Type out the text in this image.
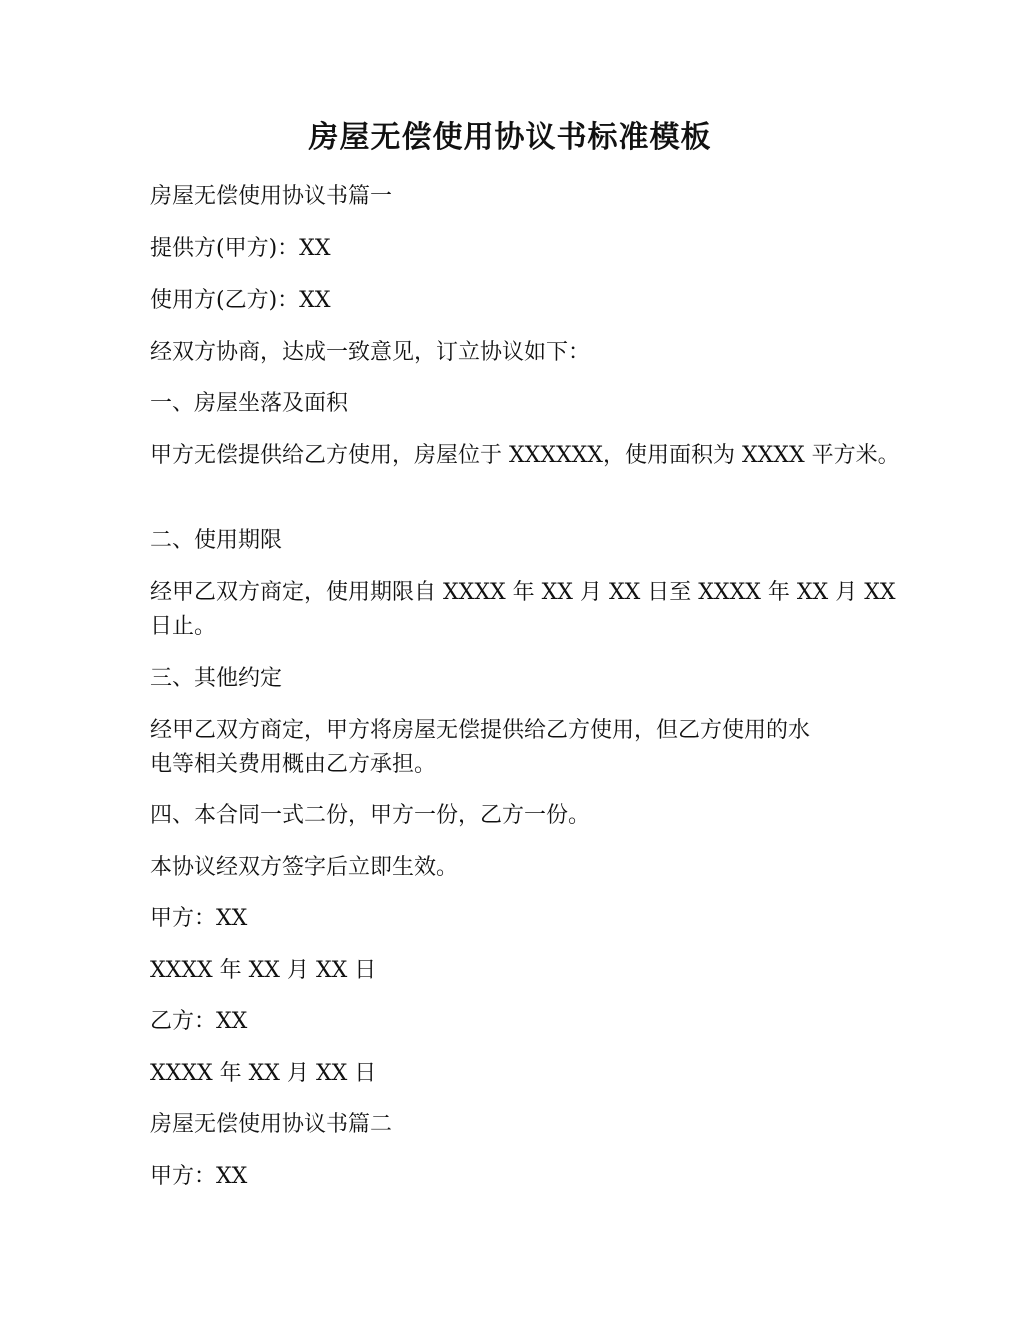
房屋无偿使用协议书标准模板
房屋无偿使用协议书篇一
提供方(甲方)：XX
使用方(乙方)：XX
经双方协商，达成一致意见，订立协议如下：
一、房屋坐落及面积
甲方无偿提供给乙方使用，房屋位于 XXXXXX，使用面积为 XXXX 平方米。
二、使用期限
经甲乙双方商定，使用期限自 XXXX 年 XX 月 XX 日至 XXXX 年 XX 月 XX
日止。
三、其他约定
经甲乙双方商定，甲方将房屋无偿提供给乙方使用，但乙方使用的水
电等相关费用概由乙方承担。
四、本合同一式二份，甲方一份，乙方一份。
本协议经双方签字后立即生效。
甲方：XX
XXXX 年 XX 月 XX 日
乙方：XX
XXXX 年 XX 月 XX 日
房屋无偿使用协议书篇二
甲方：XX
